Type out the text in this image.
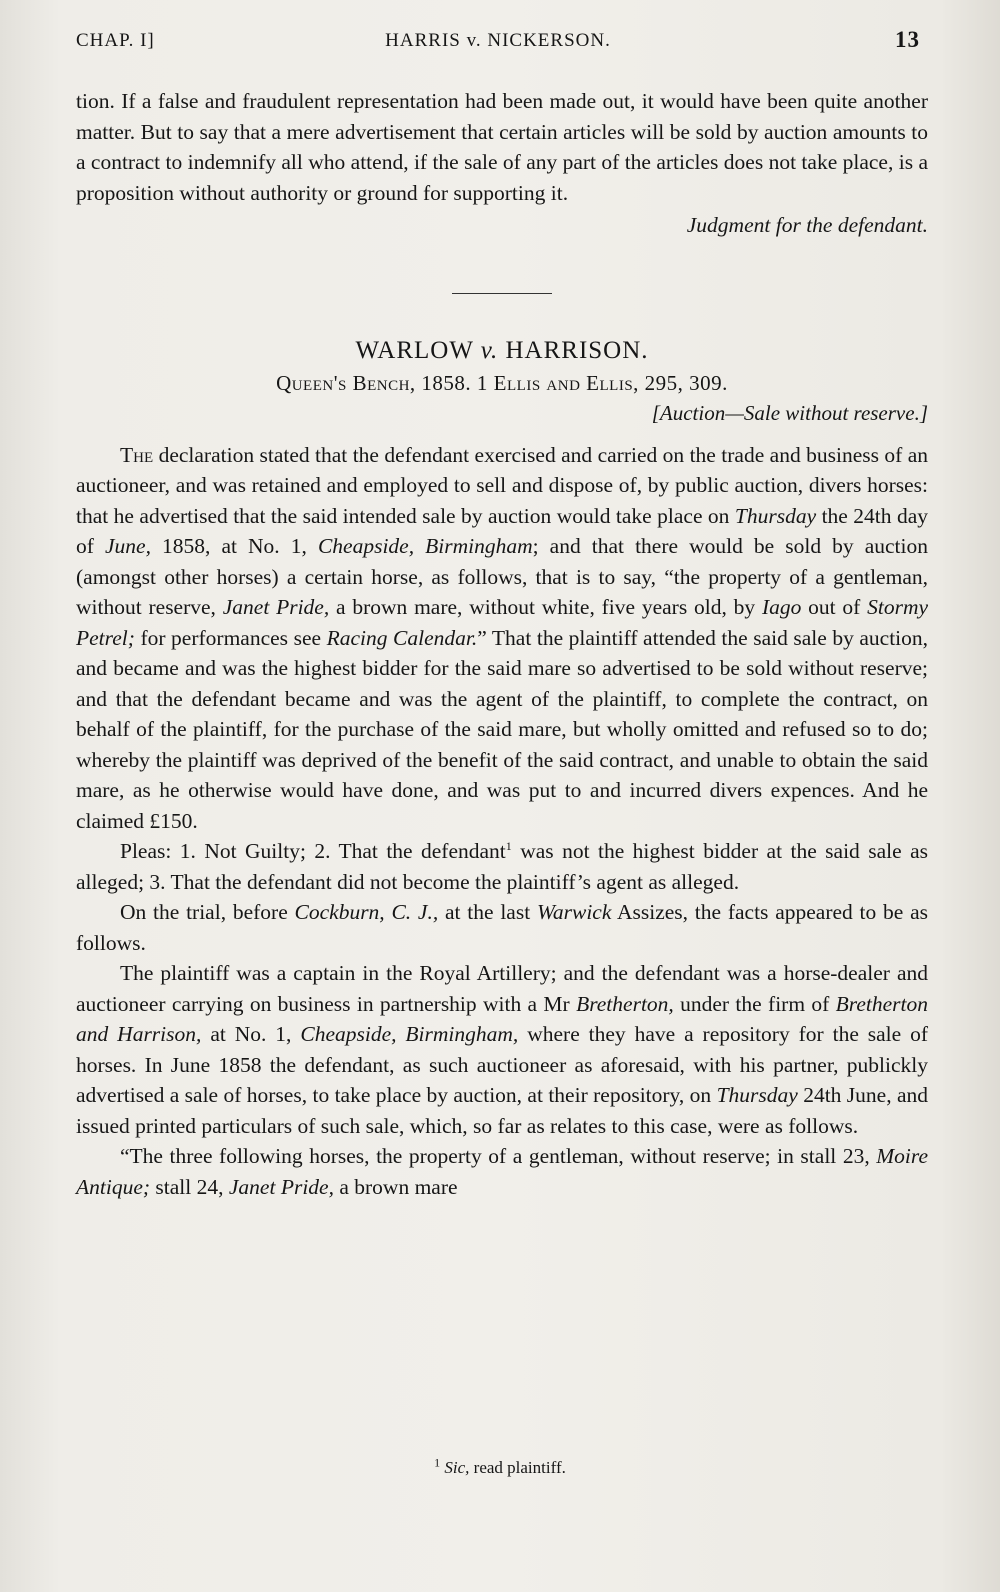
CHAP. I]	HARRIS v. NICKERSON.	13

tion. If a false and fraudulent representation had been made out, it would have been quite another matter. But to say that a mere advertisement that certain articles will be sold by auction amounts to a contract to indemnify all who attend, if the sale of any part of the articles does not take place, is a proposition without authority or ground for supporting it.

Judgment for the defendant.

WARLOW v. HARRISON.

Queen's Bench, 1858. 1 Ellis and Ellis, 295, 309.

[Auction—Sale without reserve.]

The declaration stated that the defendant exercised and carried on the trade and business of an auctioneer, and was retained and employed to sell and dispose of, by public auction, divers horses: that he advertised that the said intended sale by auction would take place on Thursday the 24th day of June, 1858, at No. 1, Cheapside, Birmingham; and that there would be sold by auction (amongst other horses) a certain horse, as follows, that is to say, “the property of a gentleman, without reserve, Janet Pride, a brown mare, without white, five years old, by Iago out of Stormy Petrel; for performances see Racing Calendar.” That the plaintiff attended the said sale by auction, and became and was the highest bidder for the said mare so advertised to be sold without reserve; and that the defendant became and was the agent of the plaintiff, to complete the contract, on behalf of the plaintiff, for the purchase of the said mare, but wholly omitted and refused so to do; whereby the plaintiff was deprived of the benefit of the said contract, and unable to obtain the said mare, as he otherwise would have done, and was put to and incurred divers expences. And he claimed £150.

Pleas: 1. Not Guilty; 2. That the defendant$^1$ was not the highest bidder at the said sale as alleged; 3. That the defendant did not become the plaintiff’s agent as alleged.

On the trial, before Cockburn, C. J., at the last Warwick Assizes, the facts appeared to be as follows.

The plaintiff was a captain in the Royal Artillery; and the defendant was a horse-dealer and auctioneer carrying on business in partnership with a Mr Bretherton, under the firm of Bretherton and Harrison, at No. 1, Cheapside, Birmingham, where they have a repository for the sale of horses. In June 1858 the defendant, as such auctioneer as aforesaid, with his partner, publickly advertised a sale of horses, to take place by auction, at their repository, on Thursday 24th June, and issued printed particulars of such sale, which, so far as relates to this case, were as follows.

“The three following horses, the property of a gentleman, without reserve; in stall 23, Moire Antique; stall 24, Janet Pride, a brown mare

$^1$ Sic, read plaintiff.
